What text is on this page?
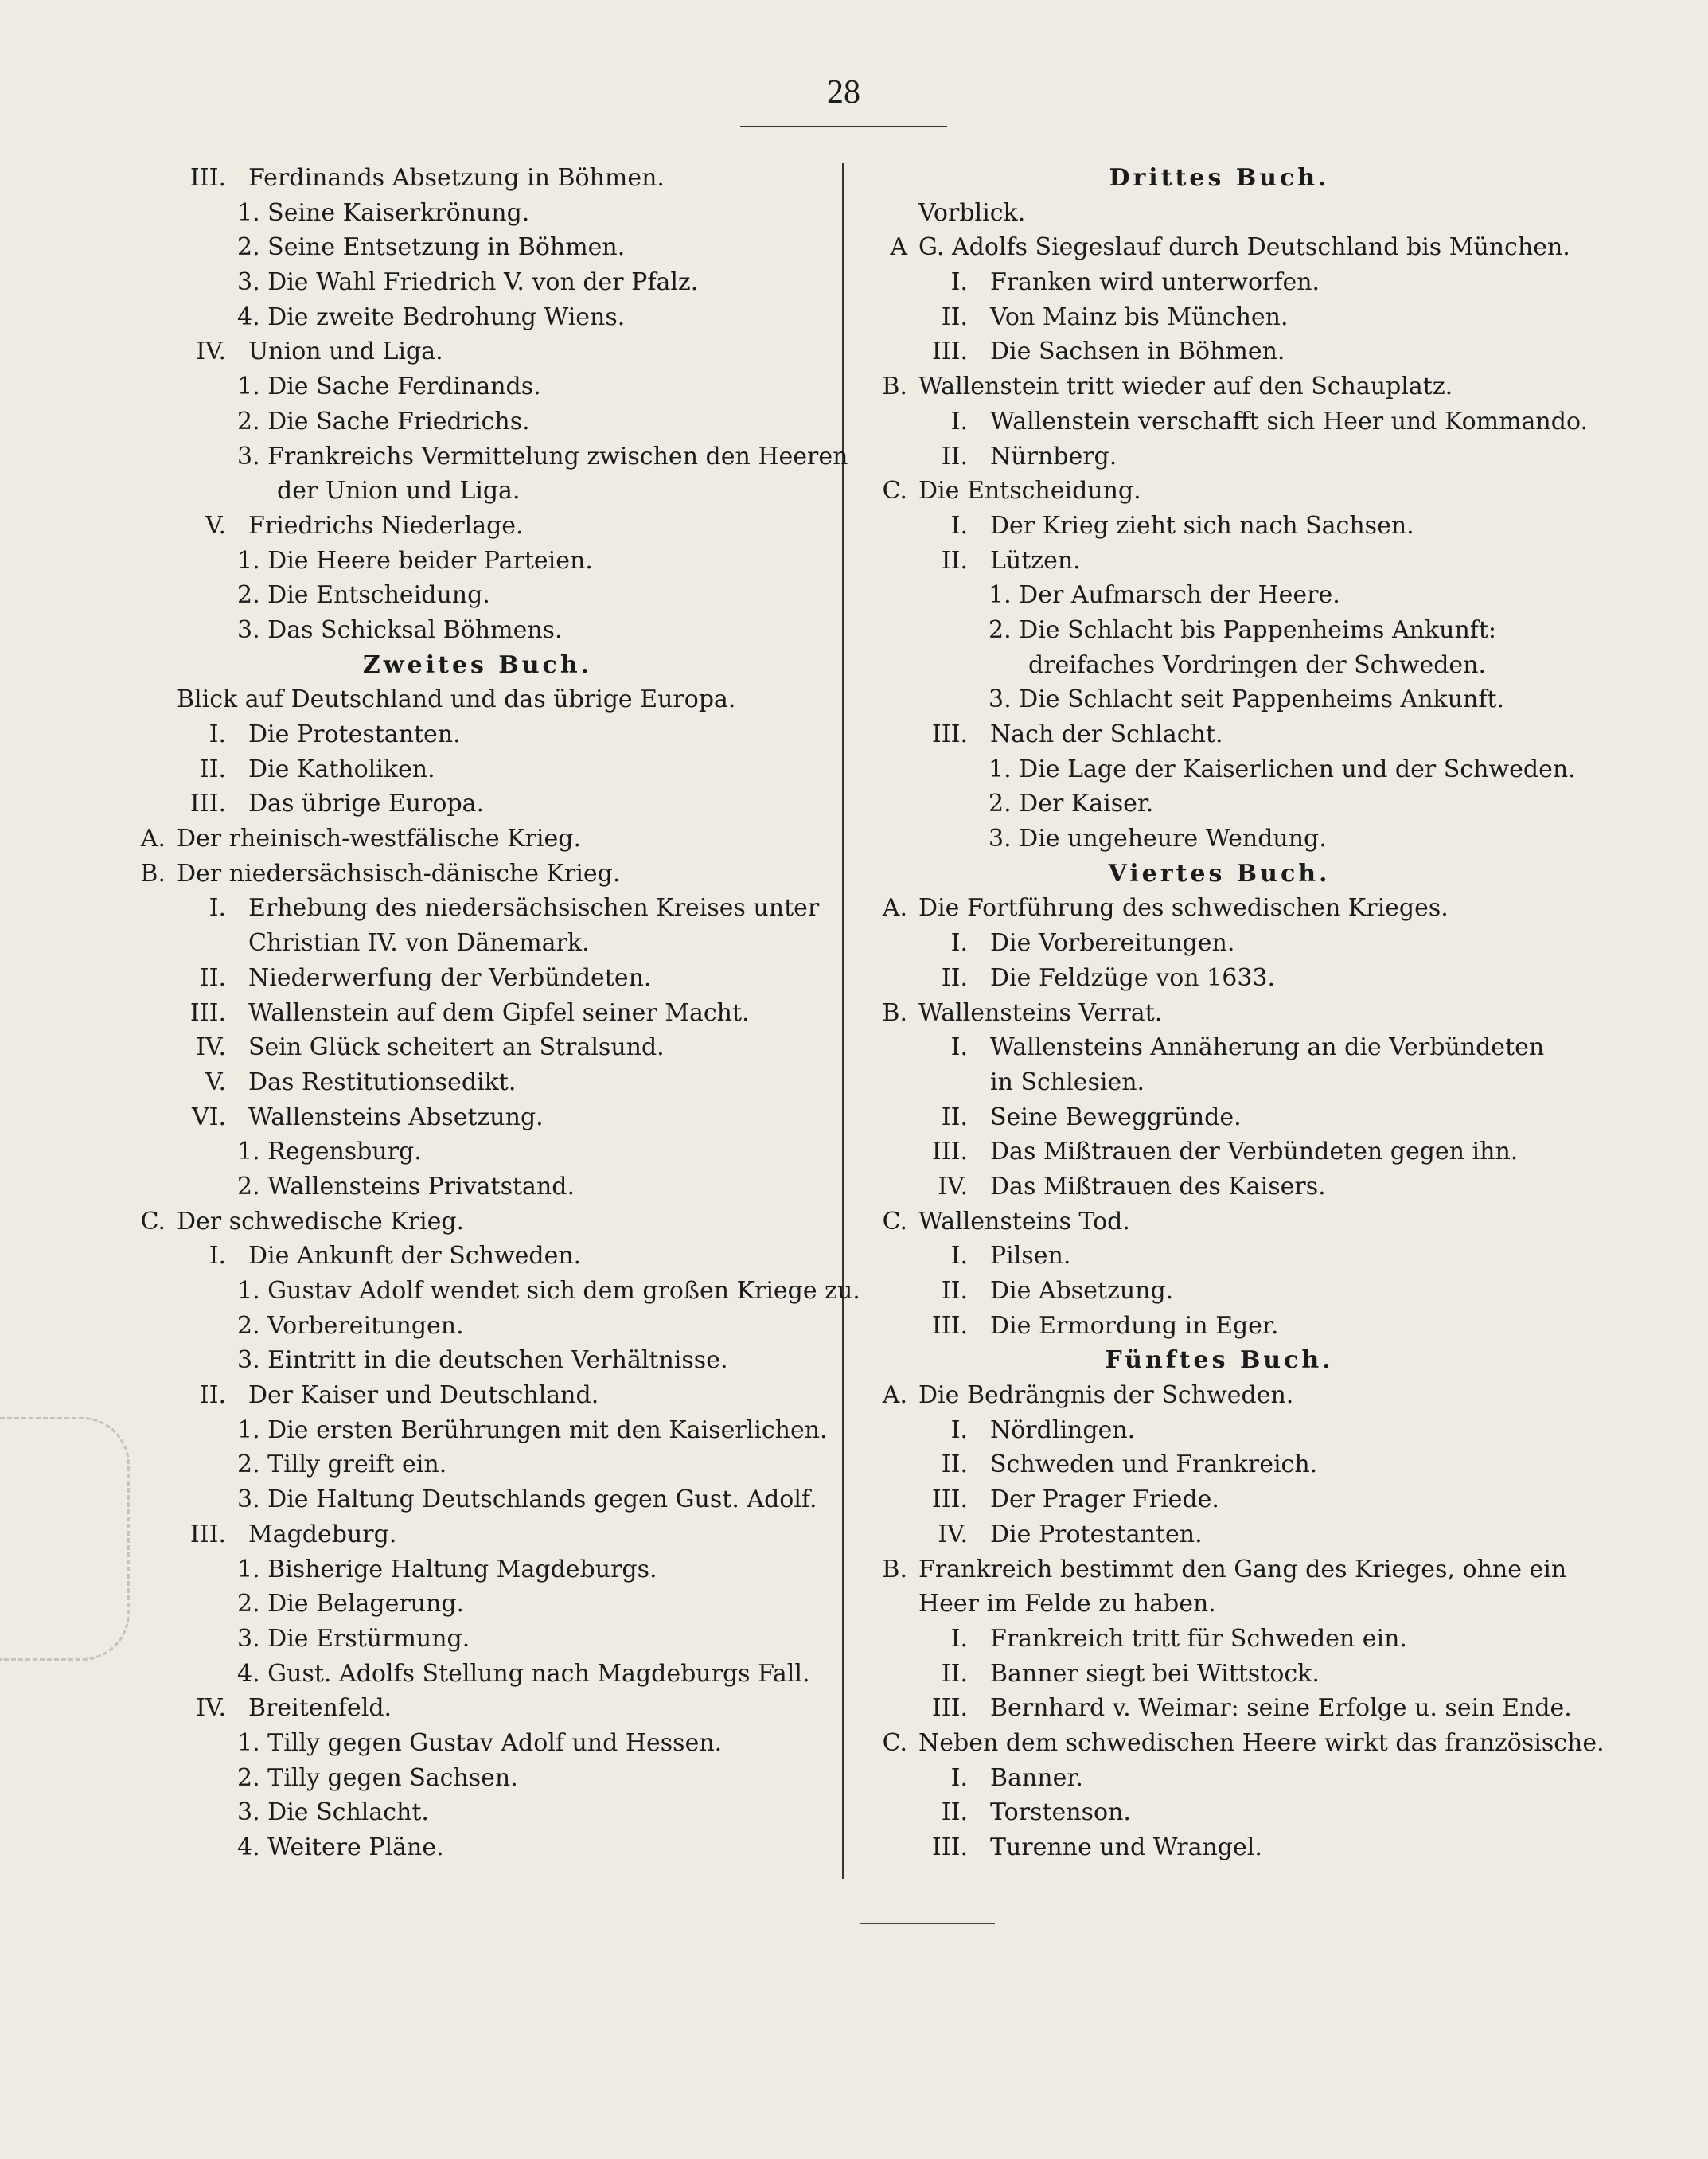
28
III. Ferdinands Absetzung in Böhmen.
1. Seine Kaiserkrönung.
2. Seine Entsetzung in Böhmen.
3. Die Wahl Friedrich V. von der Pfalz.
4. Die zweite Bedrohung Wiens.
IV. Union und Liga.
1. Die Sache Ferdinands.
2. Die Sache Friedrichs.
3. Frankreichs Vermittelung zwischen den Heeren
der Union und Liga.
V. Friedrichs Niederlage.
1. Die Heere beider Parteien.
2. Die Entscheidung.
3. Das Schicksal Böhmens.
Zweites Buch.
Blick auf Deutschland und das übrige Europa.
I. Die Protestanten.
II. Die Katholiken.
III. Das übrige Europa.
A. Der rheinisch-westfälische Krieg.
B. Der niedersächsisch-dänische Krieg.
I. Erhebung des niedersächsischen Kreises unter
Christian IV. von Dänemark.
II. Niederwerfung der Verbündeten.
III. Wallenstein auf dem Gipfel seiner Macht.
IV. Sein Glück scheitert an Stralsund.
V. Das Restitutionsedikt.
VI. Wallensteins Absetzung.
1. Regensburg.
2. Wallensteins Privatstand.
C. Der schwedische Krieg.
I. Die Ankunft der Schweden.
1. Gustav Adolf wendet sich dem großen Kriege zu.
2. Vorbereitungen.
3. Eintritt in die deutschen Verhältnisse.
II. Der Kaiser und Deutschland.
1. Die ersten Berührungen mit den Kaiserlichen.
2. Tilly greift ein.
3. Die Haltung Deutschlands gegen Gust. Adolf.
III. Magdeburg.
1. Bisherige Haltung Magdeburgs.
2. Die Belagerung.
3. Die Erstürmung.
4. Gust. Adolfs Stellung nach Magdeburgs Fall.
IV. Breitenfeld.
1. Tilly gegen Gustav Adolf und Hessen.
2. Tilly gegen Sachsen.
3. Die Schlacht.
4. Weitere Pläne.
Drittes Buch.
Vorblick.
A G. Adolfs Siegeslauf durch Deutschland bis München.
I. Franken wird unterworfen.
II. Von Mainz bis München.
III. Die Sachsen in Böhmen.
B. Wallenstein tritt wieder auf den Schauplatz.
I. Wallenstein verschafft sich Heer und Kommando.
II. Nürnberg.
C. Die Entscheidung.
I. Der Krieg zieht sich nach Sachsen.
II. Lützen.
1. Der Aufmarsch der Heere.
2. Die Schlacht bis Pappenheims Ankunft:
dreifaches Vordringen der Schweden.
3. Die Schlacht seit Pappenheims Ankunft.
III. Nach der Schlacht.
1. Die Lage der Kaiserlichen und der Schweden.
2. Der Kaiser.
3. Die ungeheure Wendung.
Viertes Buch.
A. Die Fortführung des schwedischen Krieges.
I. Die Vorbereitungen.
II. Die Feldzüge von 1633.
B. Wallensteins Verrat.
I. Wallensteins Annäherung an die Verbündeten
in Schlesien.
II. Seine Beweggründe.
III. Das Mißtrauen der Verbündeten gegen ihn.
IV. Das Mißtrauen des Kaisers.
C. Wallensteins Tod.
I. Pilsen.
II. Die Absetzung.
III. Die Ermordung in Eger.
Fünftes Buch.
A. Die Bedrängnis der Schweden.
I. Nördlingen.
II. Schweden und Frankreich.
III. Der Prager Friede.
IV. Die Protestanten.
B. Frankreich bestimmt den Gang des Krieges, ohne ein
Heer im Felde zu haben.
I. Frankreich tritt für Schweden ein.
II. Banner siegt bei Wittstock.
III. Bernhard v. Weimar: seine Erfolge u. sein Ende.
C. Neben dem schwedischen Heere wirkt das französische.
I. Banner.
II. Torstenson.
III. Turenne und Wrangel.
